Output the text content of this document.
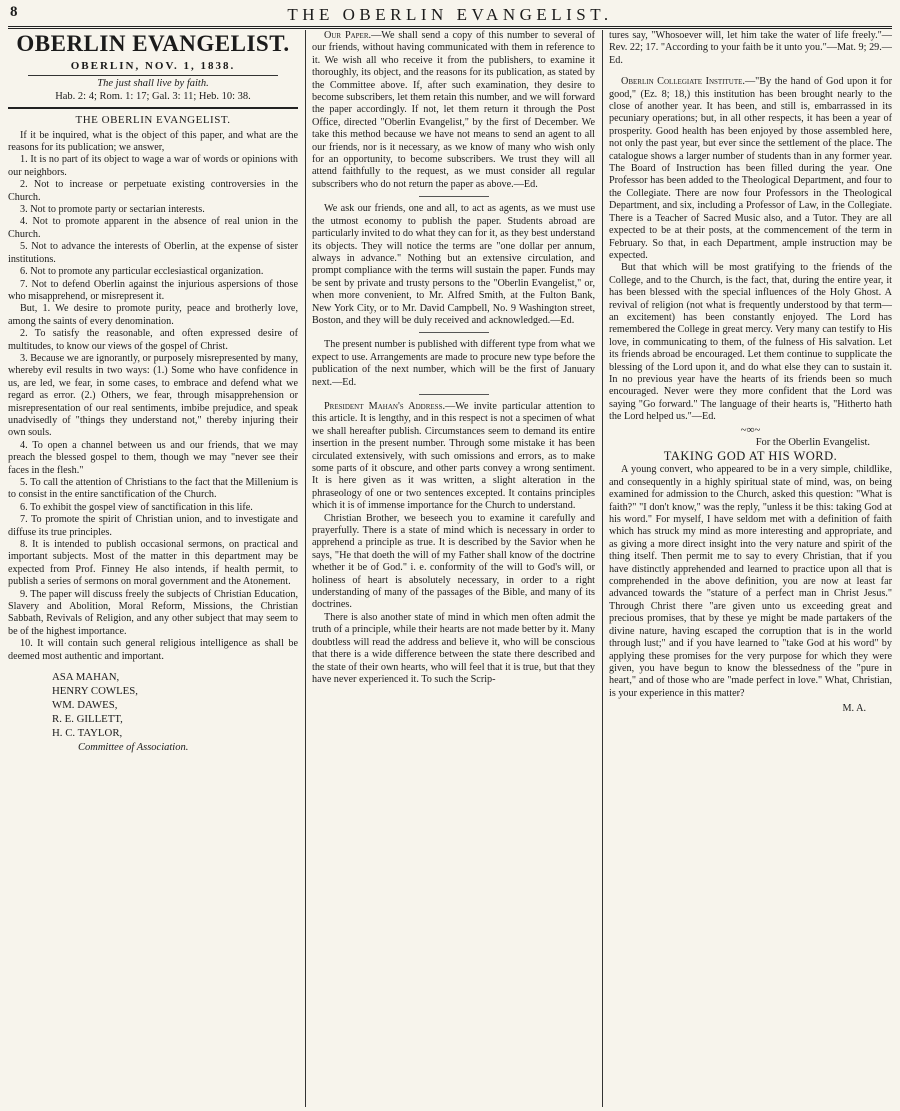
8	THE OBERLIN EVANGELIST.
OBERLIN EVANGELIST.
OBERLIN, NOV. 1, 1838.
The just shall live by faith.
Hab. 2: 4; Rom. 1: 17; Gal. 3: 11; Heb. 10: 38.
THE OBERLIN EVANGELIST.

If it be inquired, what is the object of this paper, and what are the reasons for its publication; we answer,

1. It is no part of its object to wage a war of words or opinions with our neighbors.

2. Not to increase or perpetuate existing controversies in the Church.

3. Not to promote party or sectarian interests.

4. Not to promote apparent in the absence of real union in the Church.

5. Not to advance the interests of Oberlin, at the expense of sister institutions.

6. Not to promote any particular ecclesiastical organization.

7. Not to defend Oberlin against the injurious aspersions of those who misapprehend, or misrepresent it.

But, 1. We desire to promote purity, peace and brotherly love, among the saints of every denomination.

2. To satisfy the reasonable, and often expressed desire of multitudes, to know our views of the gospel of Christ.

3. Because we are ignorantly, or purposely misrepresented by many, whereby evil results in two ways: (1.) Some who have confidence in us, are led, we fear, in some cases, to embrace and defend what we regard as error. (2.) Others, we fear, through misapprehension or misrepresentation of our real sentiments, imbibe prejudice, and speak unadvisedly of "things they understand not," thereby injuring their own souls.

4. To open a channel between us and our friends, that we may preach the blessed gospel to them, though we may "never see their faces in the flesh."

5. To call the attention of Christians to the fact that the Millenium is to consist in the entire sanctification of the Church.

6. To exhibit the gospel view of sanctification in this life.

7. To promote the spirit of Christian union, and to investigate and diffuse its true principles.

8. It is intended to publish occasional sermons, on practical and important subjects. Most of the matter in this department may be expected from Prof. Finney He also intends, if health permit, to publish a series of sermons on moral government and the Atonement.

9. The paper will discuss freely the subjects of Christian Education, Slavery and Abolition, Moral Reform, Missions, the Christian Sabbath, Revivals of Religion, and any other subject that may seem to be of the highest importance.

10. It will contain such general religious intelligence as shall be deemed most authentic and important.

ASA MAHAN,
HENRY COWLES,
WM. DAWES,
R. E. GILLETT,
H. C. TAYLOR,
Committee of Association.

Our Paper.—We shall send a copy of this number to several of our friends, without having communicated with them in reference to it. We wish all who receive it from the publishers, to examine it thoroughly, its object, and the reasons for its publication, as stated by the Committee above. If, after such examination, they desire to become subscribers, let them retain this number, and we will forward the paper accordingly. If not, let them return it through the Post Office, directed "Oberlin Evangelist," by the first of December. We take this method because we have not means to send an agent to all our friends, nor is it necessary, as we know of many who wish only for an opportunity, to become subscribers. We trust they will all attend faithfully to the request, as we must consider all regular subscribers who do not return the paper as above.—Ed.

We ask our friends, one and all, to act as agents, as we must use the utmost economy to publish the paper. Students abroad are particularly invited to do what they can for it, as they best understand its objects. They will notice the terms are "one dollar per annum, always in advance." Nothing but an extensive circulation, and prompt compliance with the terms will sustain the paper. Funds may be sent by private and trusty persons to the "Oberlin Evangelist," or, when more convenient, to Mr. Alfred Smith, at the Fulton Bank, New York City, or to Mr. David Campbell, No. 9 Washington street, Boston, and they will be duly received and acknowledged.—Ed.

The present number is published with different type from what we expect to use. Arrangements are made to procure new type before the publication of the next number, which will be the first of January next.—Ed.

President Mahan's Address.—We invite particular attention to this article. It is lengthy, and in this respect is not a specimen of what we shall hereafter publish. Circumstances seem to demand its entire insertion in the present number. Through some mistake it has been circulated extensively, with such omissions and errors, as to make some parts of it obscure, and other parts convey a wrong sentiment. It is here given as it was written, a slight alteration in the phraseology of one or two sentences excepted. It contains principles which it is of immense importance for the Church to understand.

Christian Brother, we beseech you to examine it carefully and prayerfully. There is a state of mind which is necessary in order to apprehend a principle as true. It is described by the Savior when he says, "He that doeth the will of my Father shall know of the doctrine whether it be of God." i. e. conformity of the will to God's will, or holiness of heart is absolutely necessary, in order to a right understanding of many of the passages of the Bible, and many of its doctrines.

There is also another state of mind in which men often admit the truth of a principle, while their hearts are not made better by it. Many doubtless will read the address and believe it, who will be conscious that there is a wide difference between the state there described and the state of their own hearts, who will feel that it is true, but that they have never experienced it. To such the Scrip-

tures say, "Whosoever will, let him take the water of life freely."—Rev. 22; 17. "According to your faith be it unto you."—Mat. 9; 29.—Ed.

Oberlin Collegiate Institute.—"By the hand of God upon it for good," (Ez. 8; 18,) this institution has been brought nearly to the close of another year. It has been, and still is, embarrassed in its pecuniary operations; but, in all other respects, it has been a year of prosperity. Good health has been enjoyed by those assembled here, not only the past year, but ever since the settlement of the place. The catalogue shows a larger number of students than in any former year. The Board of Instruction has been filled during the year. One Professor has been added to the Theological Department, and four to the Collegiate. There are now four Professors in the Theological Department, and six, including a Professor of Law, in the Collegiate. There is a Teacher of Sacred Music also, and a Tutor. They are all expected to be at their posts, at the commencement of the term in February. So that, in each Department, ample instruction may be expected.

But that which will be most gratifying to the friends of the College, and to the Church, is the fact, that, during the entire year, it has been blessed with the special influences of the Holy Ghost. A revival of religion (not what is frequently understood by that term—an excitement) has been constantly enjoyed. The Lord has remembered the College in great mercy. Very many can testify to His love, in communicating to them, of the fulness of His salvation. Let its friends abroad be encouraged. Let them continue to supplicate the blessing of the Lord upon it, and do what else they can to sustain it. In no previous year have the hearts of its friends been so much encouraged. Never were they more confident that the Lord was saying "Go forward." The language of their hearts is, "Hitherto hath the Lord helped us."—Ed.

~∞~
For the Oberlin Evangelist.
TAKING GOD AT HIS WORD.

A young convert, who appeared to be in a very simple, childlike, and consequently in a highly spiritual state of mind, was, on being examined for admission to the Church, asked this question: "What is faith?" "I don't know," was the reply, "unless it be this: taking God at his word." For myself, I have seldom met with a definition of faith which has struck my mind as more interesting and appropriate, and as giving a more direct insight into the very nature and spirit of the thing itself. Then permit me to say to every Christian, that if you have distinctly apprehended and learned to practice upon all that is comprehended in the above definition, you are now at least far advanced towards the "stature of a perfect man in Christ Jesus." Through Christ there "are given unto us exceeding great and precious promises, that by these ye might be made partakers of the divine nature, having escaped the corruption that is in the world through lust;" and if you have learned to "take God at his word" by applying these promises for the very purpose for which they were given, you have begun to know the blessedness of the "pure in heart," and of those who are "made perfect in love." What, Christian, is your experience in this matter?

M. A.
